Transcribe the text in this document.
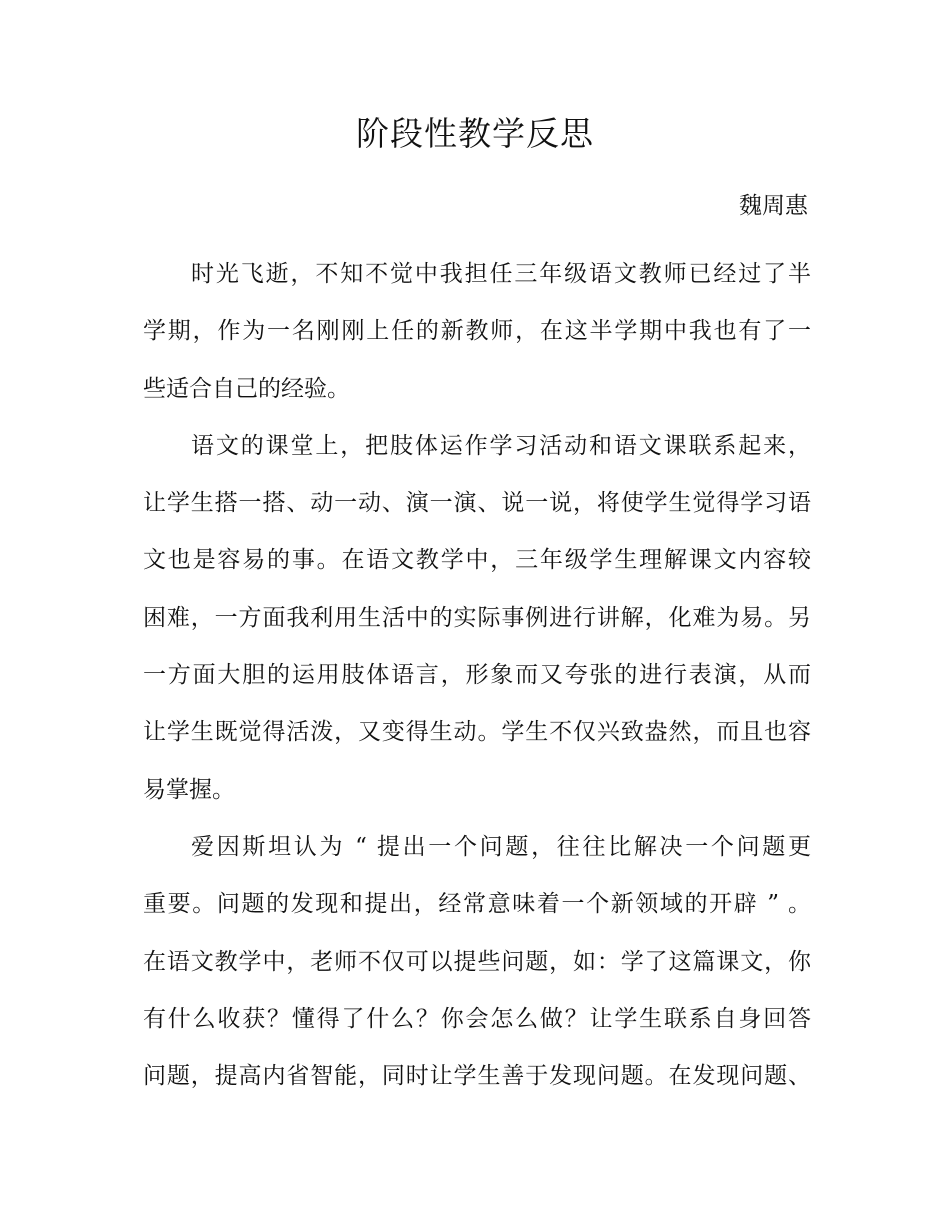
阶段性教学反思
魏周惠
时光飞逝，不知不觉中我担任三年级语文教师已经过了半
学期，作为一名刚刚上任的新教师，在这半学期中我也有了一
些适合自己的经验。
语文的课堂上，把肢体运作学习活动和语文课联系起来，
让学生搭一搭、动一动、演一演、说一说，将使学生觉得学习语
文也是容易的事。在语文教学中，三年级学生理解课文内容较
困难，一方面我利用生活中的实际事例进行讲解，化难为易。另
一方面大胆的运用肢体语言，形象而又夸张的进行表演，从而
让学生既觉得活泼，又变得生动。学生不仅兴致盎然，而且也容
易掌握。
爱因斯坦认为 “ 提出一个问题，往往比解决一个问题更
重要。问题的发现和提出，经常意味着一个新领域的开辟 ” 。
在语文教学中，老师不仅可以提些问题，如：学了这篇课文，你
有什么收获？懂得了什么？你会怎么做？让学生联系自身回答
问题，提高内省智能，同时让学生善于发现问题。在发现问题、
